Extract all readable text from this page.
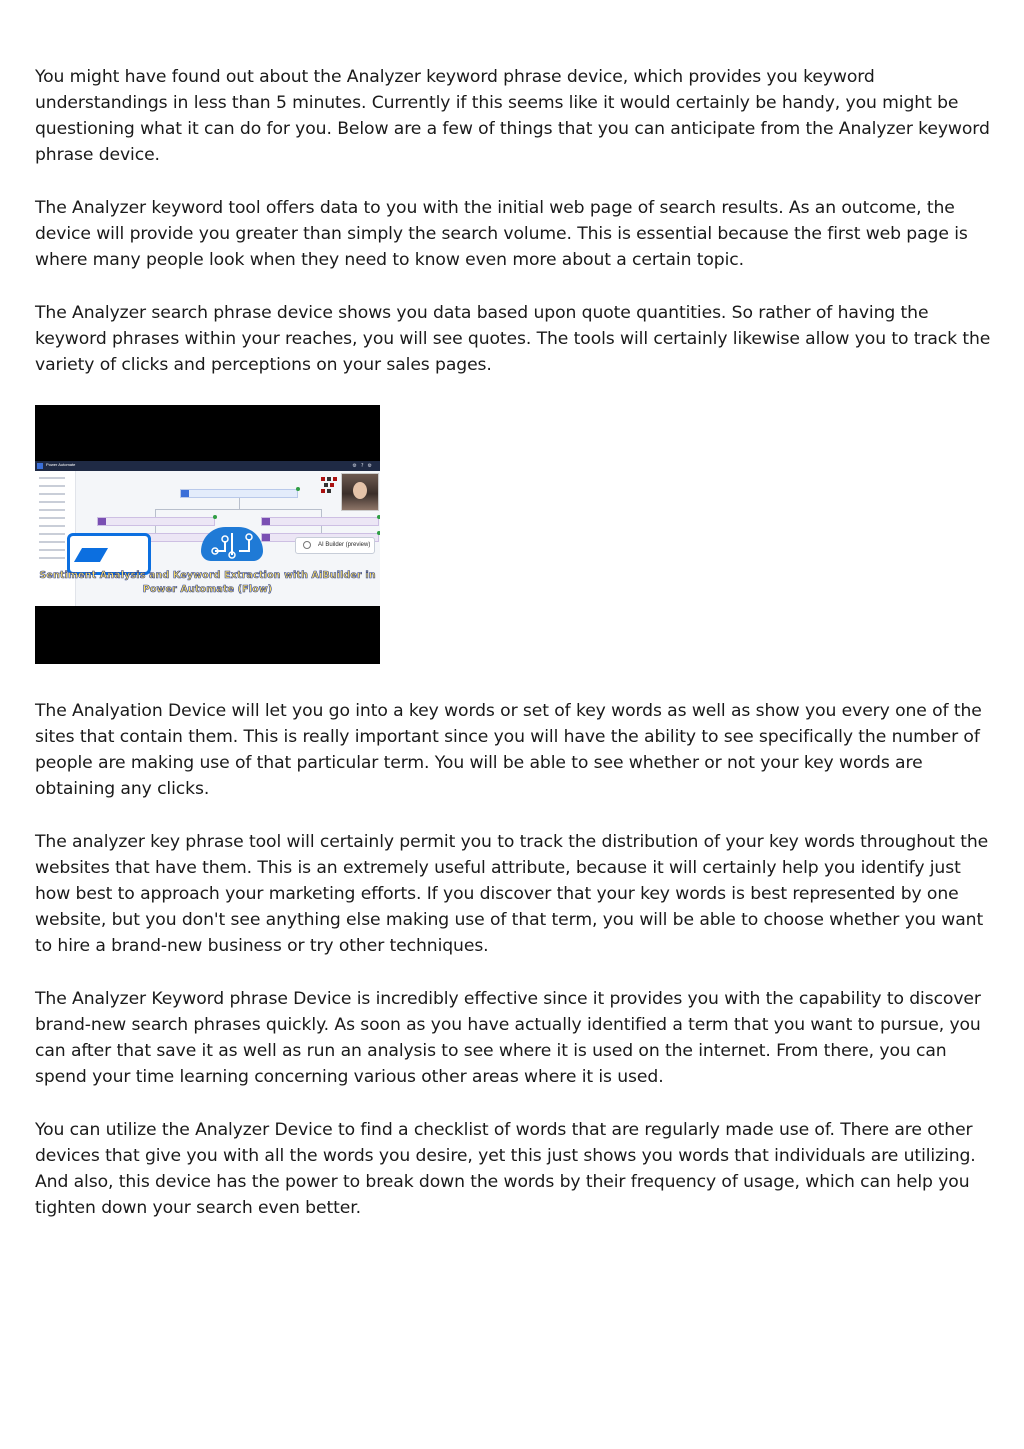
You might have found out about the Analyzer keyword phrase device, which provides you keyword understandings in less than 5 minutes. Currently if this seems like it would certainly be handy, you might be questioning what it can do for you. Below are a few of things that you can anticipate from the Analyzer keyword phrase device.

The Analyzer keyword tool offers data to you with the initial web page of search results. As an outcome, the device will provide you greater than simply the search volume. This is essential because the first web page is where many people look when they need to know even more about a certain topic.

The Analyzer search phrase device shows you data based upon quote quantities. So rather of having the keyword phrases within your reaches, you will see quotes. The tools will certainly likewise allow you to track the variety of clicks and perceptions on your sales pages.

Power Automate	⚙?⚙
AI Builder (preview)
Sentiment Analysis and Keyword Extraction with AiBuilder in
Power Automate (Flow)

The Analyation Device will let you go into a key words or set of key words as well as show you every one of the sites that contain them. This is really important since you will have the ability to see specifically the number of people are making use of that particular term. You will be able to see whether or not your key words are obtaining any clicks.

The analyzer key phrase tool will certainly permit you to track the distribution of your key words throughout the websites that have them. This is an extremely useful attribute, because it will certainly help you identify just how best to approach your marketing efforts. If you discover that your key words is best represented by one website, but you don't see anything else making use of that term, you will be able to choose whether you want to hire a brand-new business or try other techniques.

The Analyzer Keyword phrase Device is incredibly effective since it provides you with the capability to discover brand-new search phrases quickly. As soon as you have actually identified a term that you want to pursue, you can after that save it as well as run an analysis to see where it is used on the internet. From there, you can spend your time learning concerning various other areas where it is used.

You can utilize the Analyzer Device to find a checklist of words that are regularly made use of. There are other devices that give you with all the words you desire, yet this just shows you words that individuals are utilizing. And also, this device has the power to break down the words by their frequency of usage, which can help you tighten down your search even better.
